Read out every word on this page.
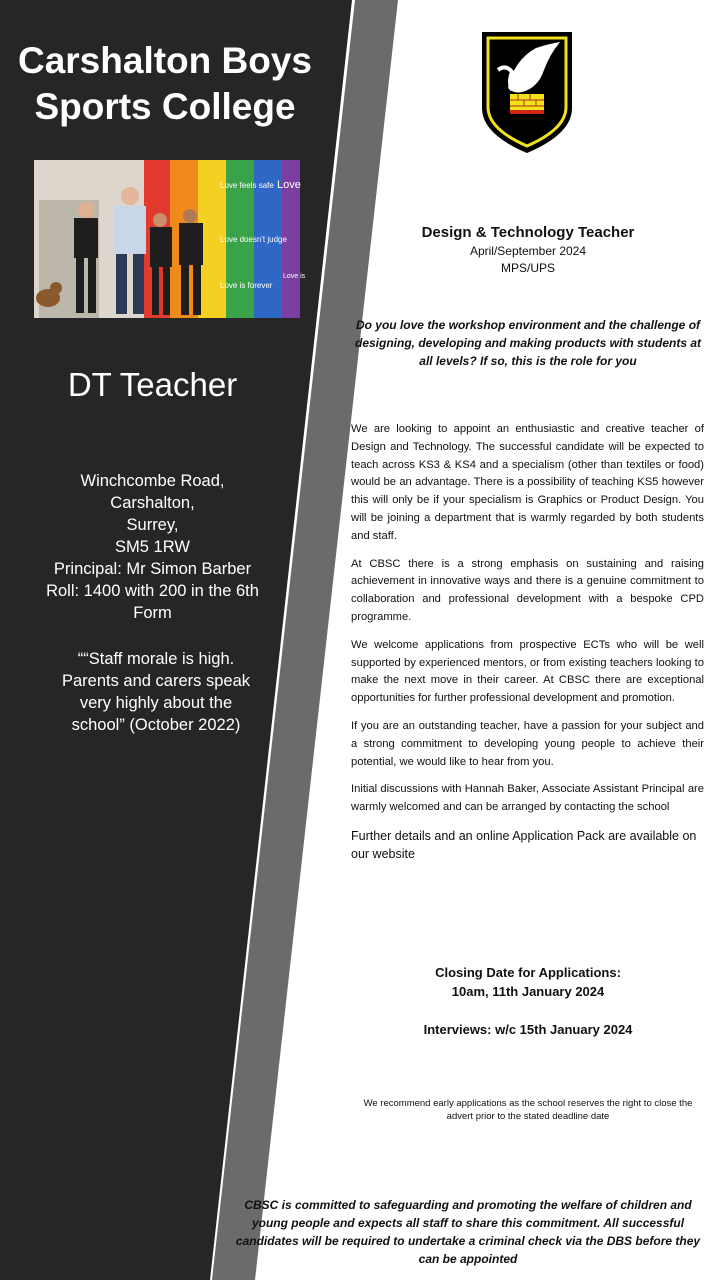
Carshalton Boys
Sports College
Love feels safe Love
Love doesn't judge
Love is forever
Love is
DT Teacher
Winchcombe Road,
Carshalton,
Surrey,
SM5 1RW
Principal: Mr Simon Barber
Roll: 1400 with 200 in the 6th Form
““Staff morale is high. Parents and carers speak very highly about the school” (October 2022)
Design & Technology Teacher
April/September 2024
MPS/UPS
Do you love the workshop environment and the challenge of designing, developing and making products with students at all levels? If so, this is the role for you

We are looking to appoint an enthusiastic and creative teacher of Design and Technology. The successful candidate will be expected to teach across KS3 & KS4 and a specialism (other than textiles or food) would be an advantage. There is a possibility of teaching KS5 however this will only be if your specialism is Graphics or Product Design. You will be joining a department that is warmly regarded by both students and staff.

At CBSC there is a strong emphasis on sustaining and raising achievement in innovative ways and there is a genuine commitment to collaboration and professional development with a bespoke CPD programme.

We welcome applications from prospective ECTs who will be well supported by experienced mentors, or from existing teachers looking to make the next move in their career. At CBSC there are exceptional opportunities for further professional development and promotion.

If you are an outstanding teacher, have a passion for your subject and a strong commitment to developing young people to achieve their potential, we would like to hear from you.

Initial discussions with Hannah Baker, Associate Assistant Principal are warmly welcomed and can be arranged by contacting the school

Further details and an online Application Pack are available on our website

Closing Date for Applications:
10am, 11th January 2024
Interviews: w/c 15th January 2024
We recommend early applications as the school reserves the right to close the advert prior to the stated deadline date
CBSC is committed to safeguarding and promoting the welfare of children and young people and expects all staff to share this commitment. All successful candidates will be required to undertake a criminal check via the DBS before they can be appointed
